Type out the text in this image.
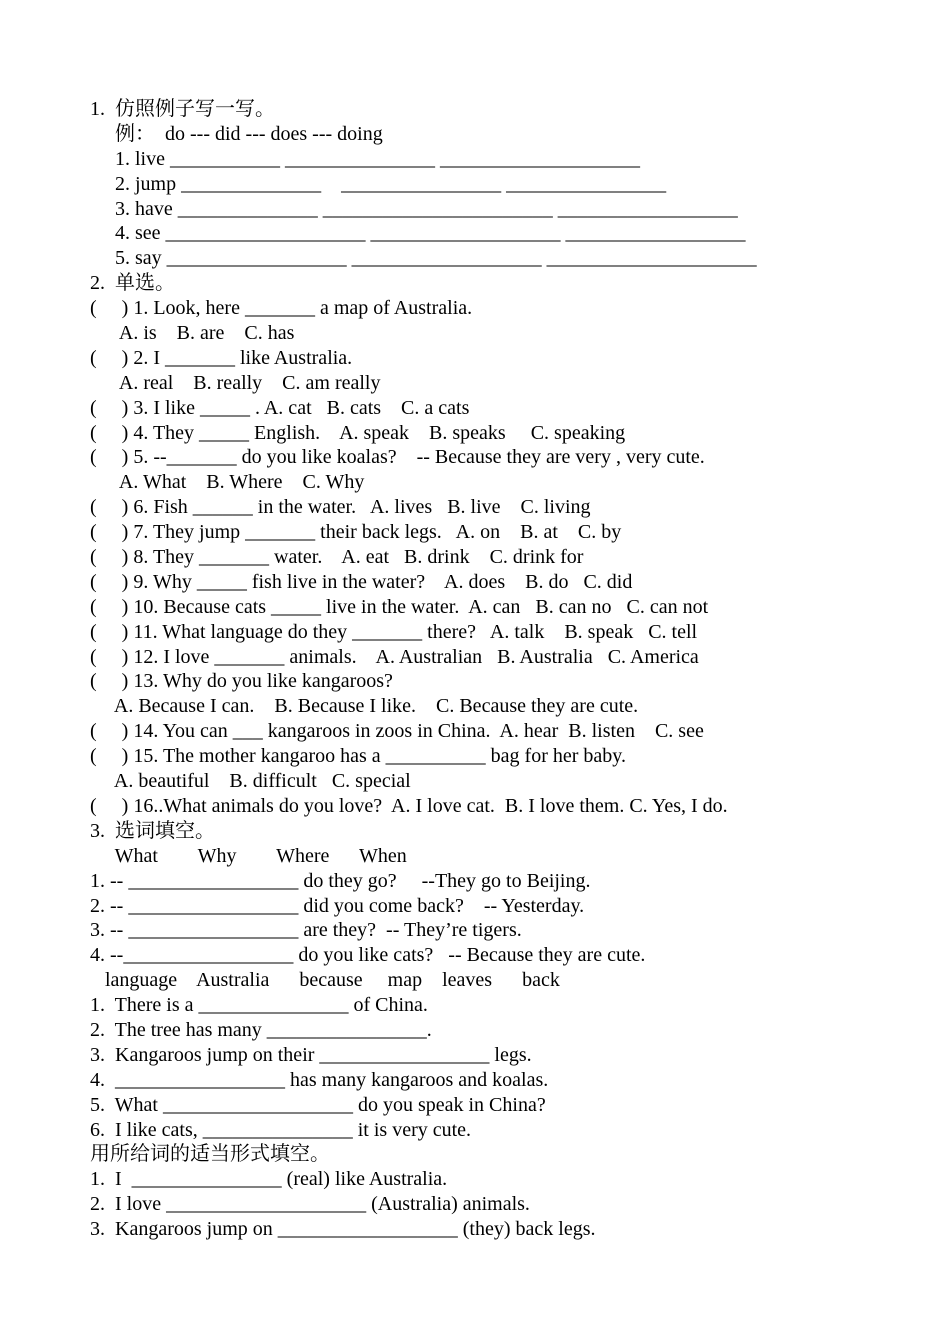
1.  仿照例子写一写。
例：  do --- did --- does --- doing
1. live ___________ _______________ ____________________
2. jump ______________    ________________ ________________
3. have ______________ _______________________ __________________
4. see ____________________ ___________________ __________________
5. say __________________ ___________________ _____________________
2.  单选。
(     ) 1. Look, here _______ a map of Australia.
A. is    B. are    C. has
(     ) 2. I _______ like Australia.
A. real    B. really    C. am really
(     ) 3. I like _____ . A. cat   B. cats    C. a cats
(     ) 4. They _____ English.    A. speak    B. speaks     C. speaking
(     ) 5. --_______ do you like koalas?    -- Because they are very , very cute.
A. What    B. Where    C. Why
(     ) 6. Fish ______ in the water.   A. lives   B. live    C. living
(     ) 7. They jump _______ their back legs.   A. on    B. at    C. by
(     ) 8. They _______ water.    A. eat   B. drink    C. drink for
(     ) 9. Why _____ fish live in the water?    A. does    B. do   C. did
(     ) 10. Because cats _____ live in the water.  A. can   B. can no   C. can not
(     ) 11. What language do they _______ there?   A. talk    B. speak   C. tell
(     ) 12. I love _______ animals.    A. Australian   B. Australia   C. America
(     ) 13. Why do you like kangaroos?
A. Because I can.    B. Because I like.    C. Because they are cute.
(     ) 14. You can ___ kangaroos in zoos in China.  A. hear  B. listen    C. see
(     ) 15. The mother kangaroo has a __________ bag for her baby.
A. beautiful    B. difficult   C. special
(     ) 16..What animals do you love?  A. I love cat.  B. I love them. C. Yes, I do.
3.  选词填空。
What        Why        Where      When
1. -- _________________ do they go?     --They go to Beijing.
2. -- _________________ did you come back?    -- Yesterday.
3. -- _________________ are they?  -- They’re tigers.
4. --_________________ do you like cats?   -- Because they are cute.
language    Australia      because     map    leaves      back
1.  There is a _______________ of China.
2.  The tree has many ________________.
3.  Kangaroos jump on their _________________ legs.
4.  _________________ has many kangaroos and koalas.
5.  What ___________________ do you speak in China?
6.  I like cats, _______________ it is very cute.
用所给词的适当形式填空。
1.  I  _______________ (real) like Australia.
2.  I love ____________________ (Australia) animals.
3.  Kangaroos jump on __________________ (they) back legs.
